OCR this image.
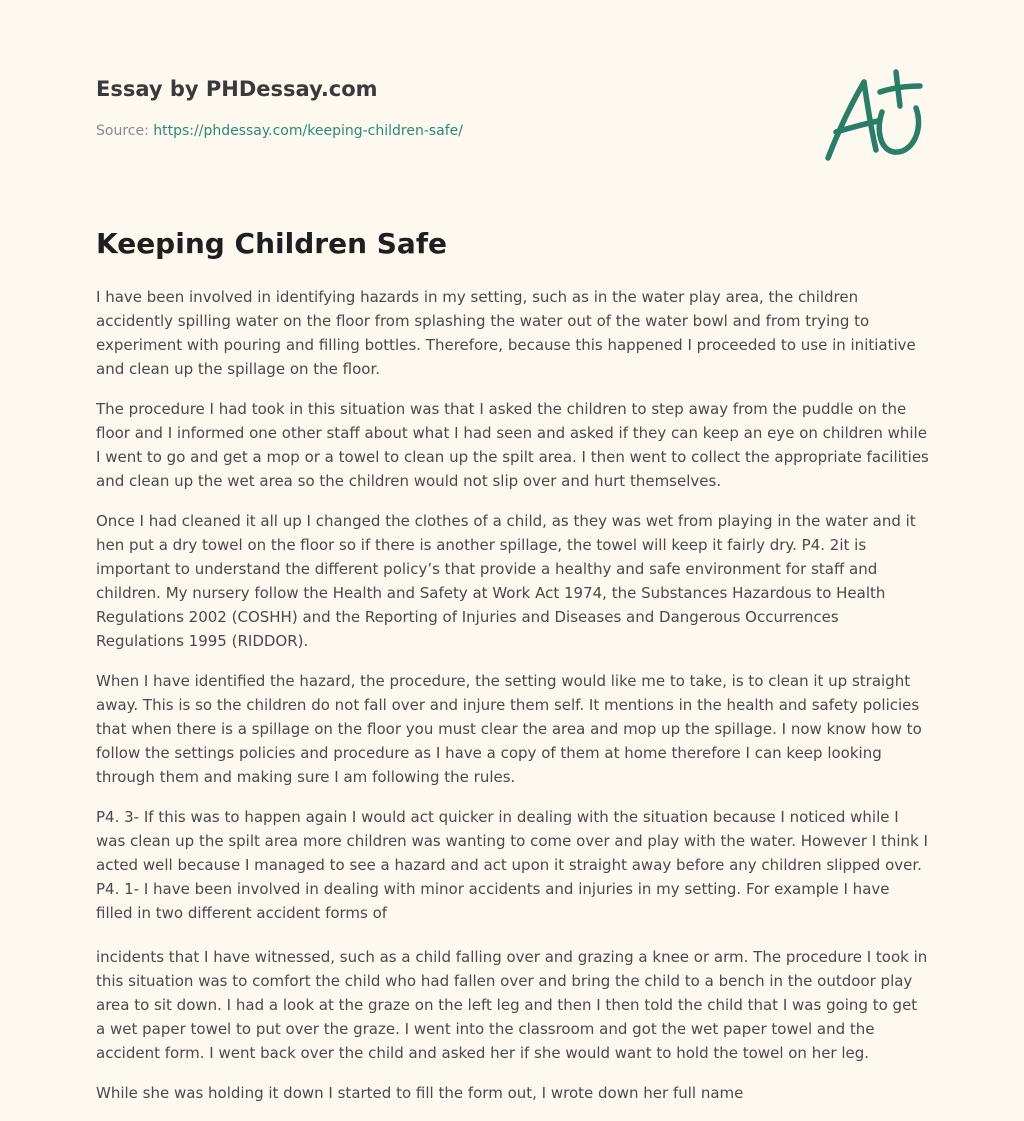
Essay by PHDessay.com
Source: https://phdessay.com/keeping-children-safe/
Keeping Children Safe

I have been involved in identifying hazards in my setting, such as in the water play area, the children accidently spilling water on the floor from splashing the water out of the water bowl and from trying to experiment with pouring and filling bottles. Therefore, because this happened I proceeded to use in initiative and clean up the spillage on the floor.

The procedure I had took in this situation was that I asked the children to step away from the puddle on the floor and I informed one other staff about what I had seen and asked if they can keep an eye on children while I went to go and get a mop or a towel to clean up the spilt area. I then went to collect the appropriate facilities and clean up the wet area so the children would not slip over and hurt themselves.

Once I had cleaned it all up I changed the clothes of a child, as they was wet from playing in the water and it hen put a dry towel on the floor so if there is another spillage, the towel will keep it fairly dry. P4. 2it is important to understand the different policy’s that provide a healthy and safe environment for staff and children. My nursery follow the Health and Safety at Work Act 1974, the Substances Hazardous to Health Regulations 2002 (COSHH) and the Reporting of Injuries and Diseases and Dangerous Occurrences Regulations 1995 (RIDDOR).

When I have identified the hazard, the procedure, the setting would like me to take, is to clean it up straight away. This is so the children do not fall over and injure them self. It mentions in the health and safety policies that when there is a spillage on the floor you must clear the area and mop up the spillage. I now know how to follow the settings policies and procedure as I have a copy of them at home therefore I can keep looking through them and making sure I am following the rules.

P4. 3- If this was to happen again I would act quicker in dealing with the situation because I noticed while I was clean up the spilt area more children was wanting to come over and play with the water. However I think I acted well because I managed to see a hazard and act upon it straight away before any children slipped over. P4. 1- I have been involved in dealing with minor accidents and injuries in my setting. For example I have filled in two different accident forms of

incidents that I have witnessed, such as a child falling over and grazing a knee or arm. The procedure I took in this situation was to comfort the child who had fallen over and bring the child to a bench in the outdoor play area to sit down. I had a look at the graze on the left leg and then I then told the child that I was going to get a wet paper towel to put over the graze. I went into the classroom and got the wet paper towel and the accident form. I went back over the child and asked her if she would want to hold the towel on her leg.

While she was holding it down I started to fill the form out, I wrote down her full name
